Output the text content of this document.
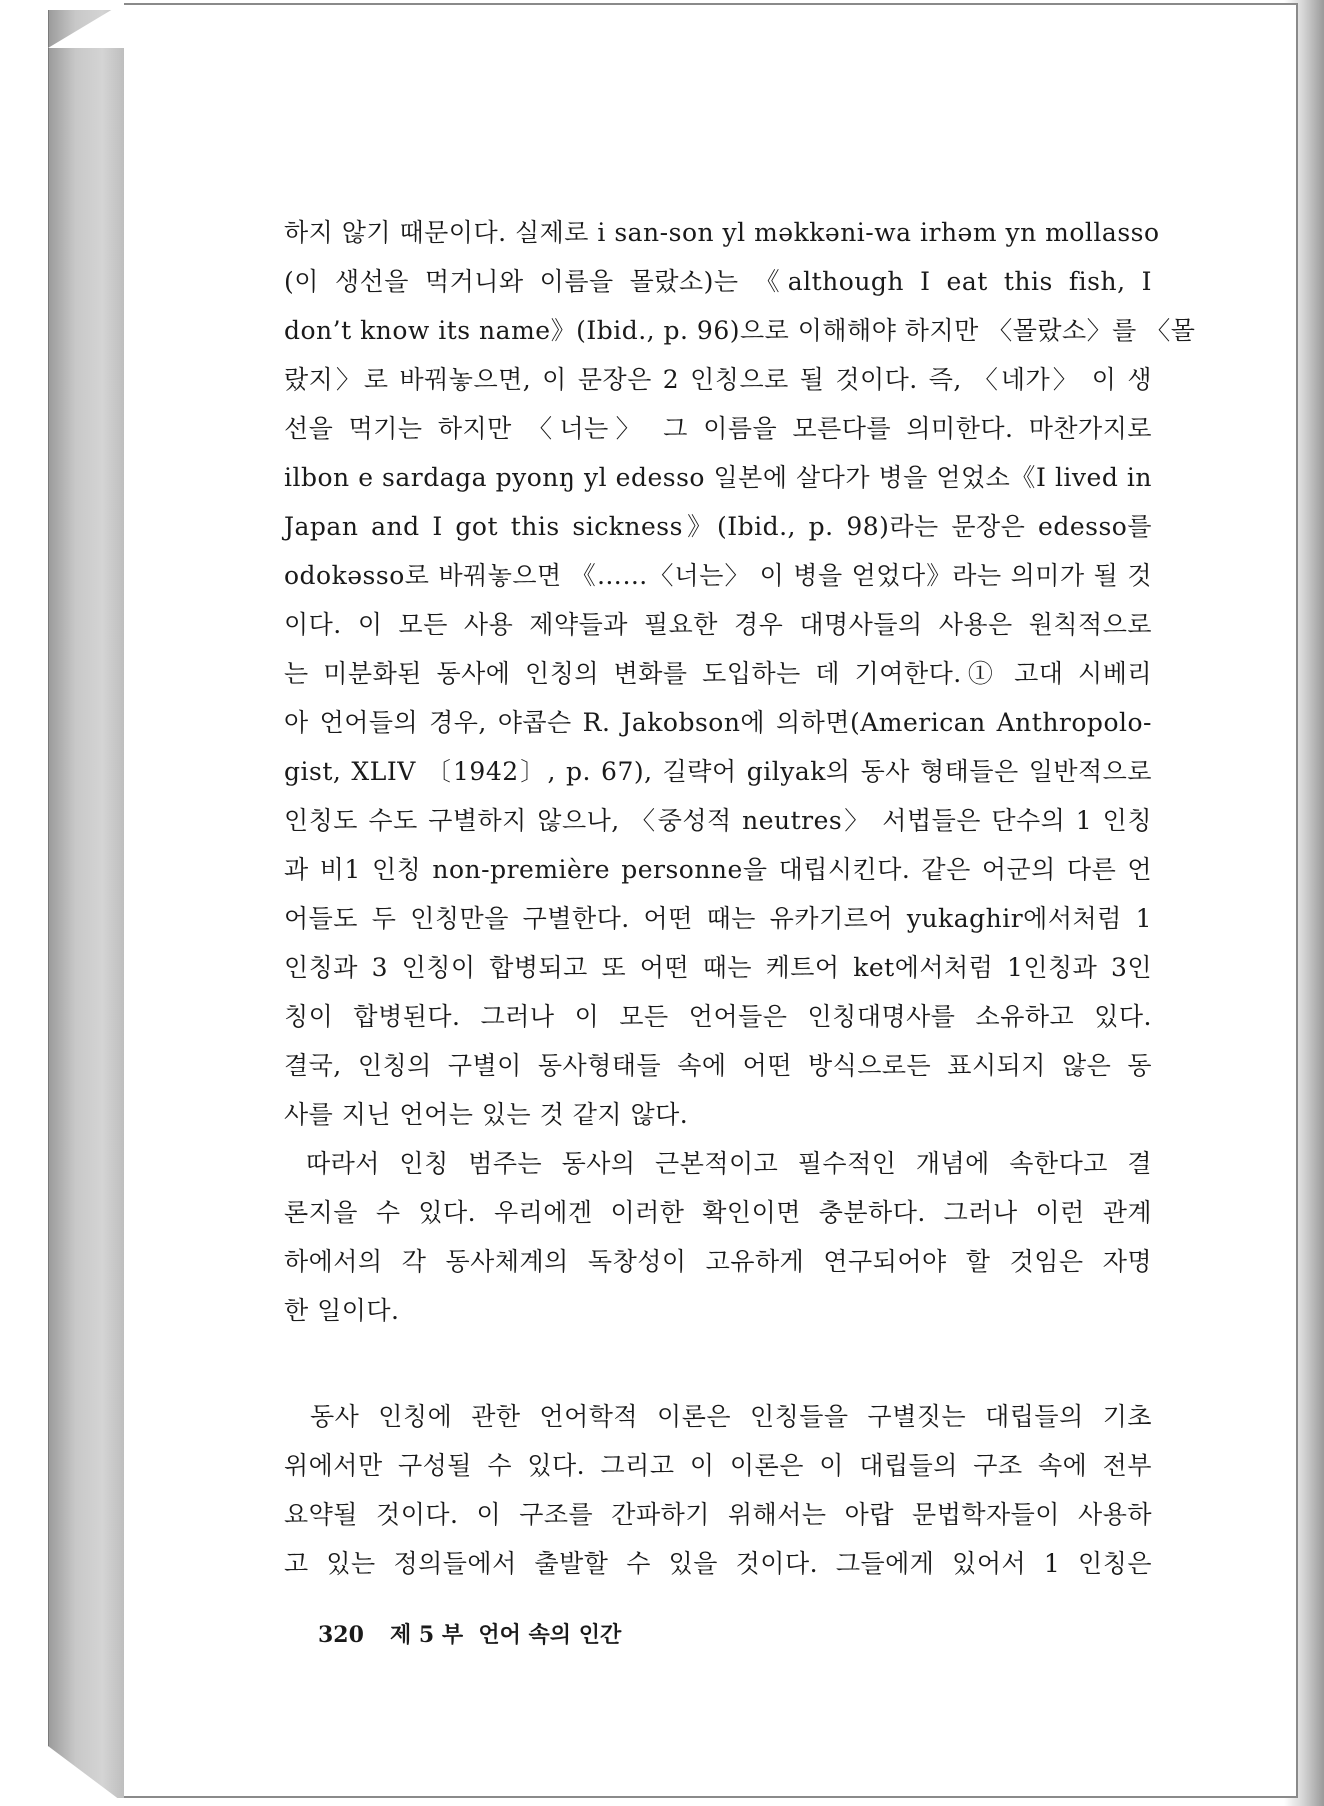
하지 않기 때문이다. 실제로 i san-son yl məkkəni-wa irhəm yn mollasso
(이 생선을 먹거니와 이름을 몰랐소)는 《although I eat this fish, I
don’t know its name》(Ibid., p. 96)으로 이해해야 하지만 〈몰랐소〉를 〈몰
랐지〉로 바꿔놓으면, 이 문장은 2 인칭으로 될 것이다. 즉, 〈네가〉 이 생
선을 먹기는 하지만 〈너는〉 그 이름을 모른다를 의미한다. 마찬가지로
ilbon e sardaga pyonŋ yl edesso 일본에 살다가 병을 얻었소《I lived in
Japan and I got this sickness》(Ibid., p. 98)라는 문장은 edesso를
odokəsso로 바꿔놓으면 《……〈너는〉 이 병을 얻었다》라는 의미가 될 것
이다. 이 모든 사용 제약들과 필요한 경우 대명사들의 사용은 원칙적으로
는 미분화된 동사에 인칭의 변화를 도입하는 데 기여한다.① 고대 시베리
아 언어들의 경우, 야콥슨 R. Jakobson에 의하면(American Anthropolo-
gist, XLIV 〔1942〕, p. 67), 길략어 gilyak의 동사 형태들은 일반적으로
인칭도 수도 구별하지 않으나, 〈중성적 neutres〉 서법들은 단수의 1 인칭
과 비1 인칭 non-première personne을 대립시킨다. 같은 어군의 다른 언
어들도 두 인칭만을 구별한다. 어떤 때는 유카기르어 yukaghir에서처럼 1
인칭과 3 인칭이 합병되고 또 어떤 때는 케트어 ket에서처럼 1인칭과 3인
칭이 합병된다. 그러나 이 모든 언어들은 인칭대명사를 소유하고 있다.
결국, 인칭의 구별이 동사형태들 속에 어떤 방식으로든 표시되지 않은 동
사를 지닌 언어는 있는 것 같지 않다.
따라서 인칭 범주는 동사의 근본적이고 필수적인 개념에 속한다고 결
론지을 수 있다. 우리에겐 이러한 확인이면 충분하다. 그러나 이런 관계
하에서의 각 동사체계의 독창성이 고유하게 연구되어야 할 것임은 자명
한 일이다.
동사 인칭에 관한 언어학적 이론은 인칭들을 구별짓는 대립들의 기초
위에서만 구성될 수 있다. 그리고 이 이론은 이 대립들의 구조 속에 전부
요약될 것이다. 이 구조를 간파하기 위해서는 아랍 문법학자들이 사용하
고 있는 정의들에서 출발할 수 있을 것이다. 그들에게 있어서 1 인칭은
320 제 5 부  언어 속의 인간
